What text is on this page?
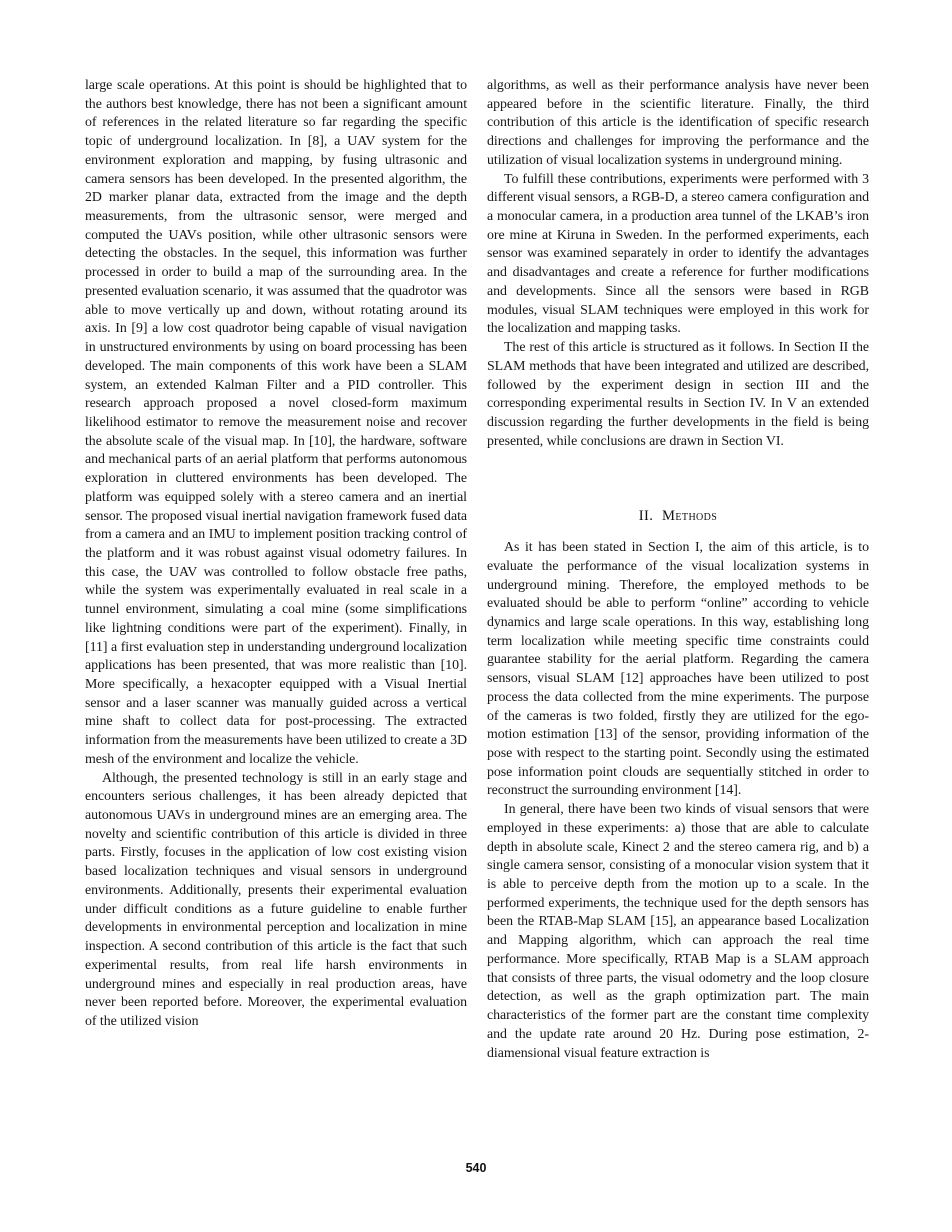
large scale operations. At this point is should be highlighted that to the authors best knowledge, there has not been a significant amount of references in the related literature so far regarding the specific topic of underground localization. In [8], a UAV system for the environment exploration and mapping, by fusing ultrasonic and camera sensors has been developed. In the presented algorithm, the 2D marker planar data, extracted from the image and the depth measurements, from the ultrasonic sensor, were merged and computed the UAVs position, while other ultrasonic sensors were detecting the obstacles. In the sequel, this information was further processed in order to build a map of the surrounding area. In the presented evaluation scenario, it was assumed that the quadrotor was able to move vertically up and down, without rotating around its axis. In [9] a low cost quadrotor being capable of visual navigation in unstructured environments by using on board processing has been developed. The main components of this work have been a SLAM system, an extended Kalman Filter and a PID controller. This research approach proposed a novel closed-form maximum likelihood estimator to remove the measurement noise and recover the absolute scale of the visual map. In [10], the hardware, software and mechanical parts of an aerial platform that performs autonomous exploration in cluttered environments has been developed. The platform was equipped solely with a stereo camera and an inertial sensor. The proposed visual inertial navigation framework fused data from a camera and an IMU to implement position tracking control of the platform and it was robust against visual odometry failures. In this case, the UAV was controlled to follow obstacle free paths, while the system was experimentally evaluated in real scale in a tunnel environment, simulating a coal mine (some simplifications like lightning conditions were part of the experiment). Finally, in [11] a first evaluation step in understanding underground localization applications has been presented, that was more realistic than [10]. More specifically, a hexacopter equipped with a Visual Inertial sensor and a laser scanner was manually guided across a vertical mine shaft to collect data for post-processing. The extracted information from the measurements have been utilized to create a 3D mesh of the environment and localize the vehicle.

Although, the presented technology is still in an early stage and encounters serious challenges, it has been already depicted that autonomous UAVs in underground mines are an emerging area. The novelty and scientific contribution of this article is divided in three parts. Firstly, focuses in the application of low cost existing vision based localization techniques and visual sensors in underground environments. Additionally, presents their experimental evaluation under difficult conditions as a future guideline to enable further developments in environmental perception and localization in mine inspection. A second contribution of this article is the fact that such experimental results, from real life harsh environments in underground mines and especially in real production areas, have never been reported before. Moreover, the experimental evaluation of the utilized vision

algorithms, as well as their performance analysis have never been appeared before in the scientific literature. Finally, the third contribution of this article is the identification of specific research directions and challenges for improving the performance and the utilization of visual localization systems in underground mining.

To fulfill these contributions, experiments were performed with 3 different visual sensors, a RGB-D, a stereo camera configuration and a monocular camera, in a production area tunnel of the LKAB’s iron ore mine at Kiruna in Sweden. In the performed experiments, each sensor was examined separately in order to identify the advantages and disadvantages and create a reference for further modifications and developments. Since all the sensors were based in RGB modules, visual SLAM techniques were employed in this work for the localization and mapping tasks.

The rest of this article is structured as it follows. In Section II the SLAM methods that have been integrated and utilized are described, followed by the experiment design in section III and the corresponding experimental results in Section IV. In V an extended discussion regarding the further developments in the field is being presented, while conclusions are drawn in Section VI.

II. Methods

As it has been stated in Section I, the aim of this article, is to evaluate the performance of the visual localization systems in underground mining. Therefore, the employed methods to be evaluated should be able to perform “online” according to vehicle dynamics and large scale operations. In this way, establishing long term localization while meeting specific time constraints could guarantee stability for the aerial platform. Regarding the camera sensors, visual SLAM [12] approaches have been utilized to post process the data collected from the mine experiments. The purpose of the cameras is two folded, firstly they are utilized for the ego-motion estimation [13] of the sensor, providing information of the pose with respect to the starting point. Secondly using the estimated pose information point clouds are sequentially stitched in order to reconstruct the surrounding environment [14].

In general, there have been two kinds of visual sensors that were employed in these experiments: a) those that are able to calculate depth in absolute scale, Kinect 2 and the stereo camera rig, and b) a single camera sensor, consisting of a monocular vision system that it is able to perceive depth from the motion up to a scale. In the performed experiments, the technique used for the depth sensors has been the RTAB-Map SLAM [15], an appearance based Localization and Mapping algorithm, which can approach the real time performance. More specifically, RTAB Map is a SLAM approach that consists of three parts, the visual odometry and the loop closure detection, as well as the graph optimization part. The main characteristics of the former part are the constant time complexity and the update rate around 20 Hz. During pose estimation, 2-diamensional visual feature extraction is

540
